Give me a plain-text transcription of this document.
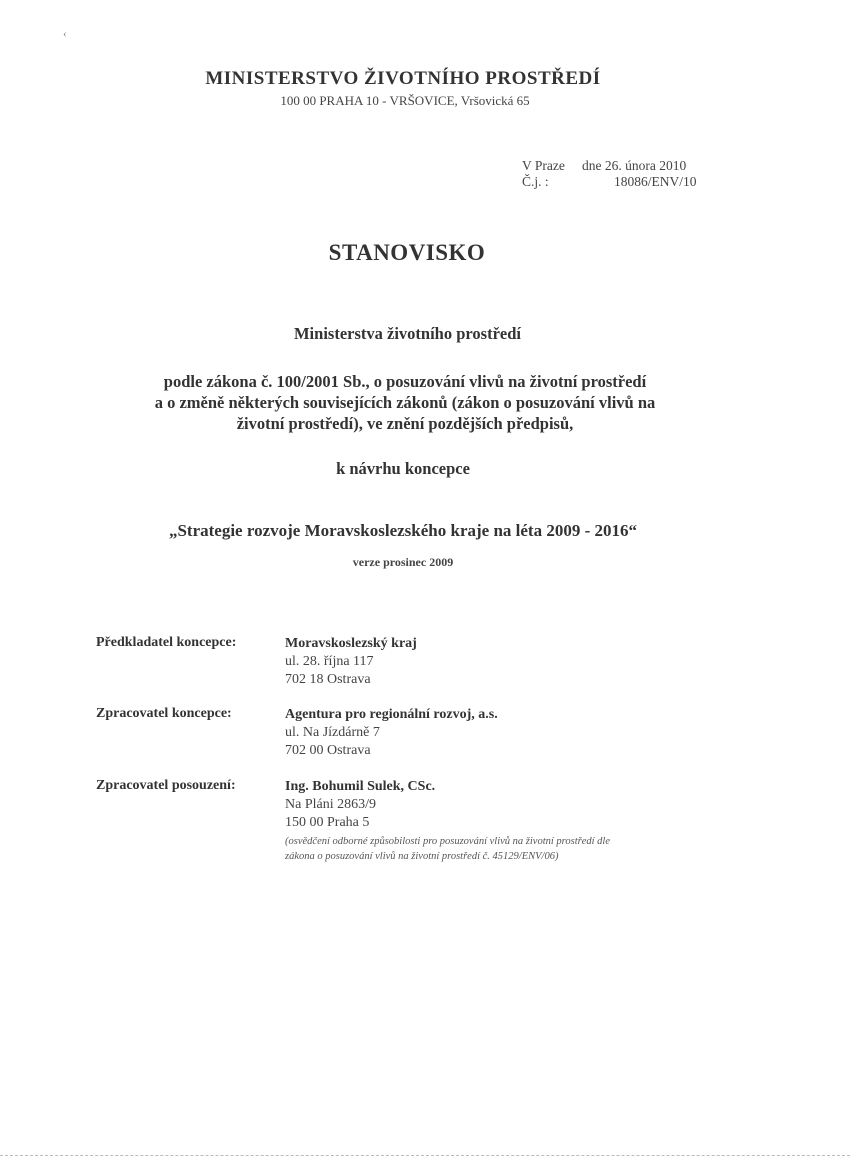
‹
MINISTERSTVO ŽIVOTNÍHO PROSTŘEDÍ
100 00 PRAHA 10 - VRŠOVICE, Vršovická 65
V Praze	dne 26. února 2010
Č.j. :	18086/ENV/10
STANOVISKO
Ministerstva životního prostředí
podle zákona č. 100/2001 Sb., o posuzování vlivů na životní prostředí
a o změně některých souvisejících zákonů (zákon o posuzování vlivů na
životní prostředí), ve znění pozdějších předpisů,
k návrhu koncepce
„Strategie rozvoje Moravskoslezského kraje na léta 2009 - 2016“
verze prosinec 2009
Předkladatel koncepce:	Moravskoslezský kraj
ul. 28. října 117
702 18 Ostrava
Zpracovatel koncepce:	Agentura pro regionální rozvoj, a.s.
ul. Na Jízdárně 7
702 00 Ostrava
Zpracovatel posouzení:	Ing. Bohumil Sulek, CSc.
Na Pláni 2863/9
150 00 Praha 5
(osvědčení odborné způsobilosti pro posuzování vlivů na životní prostředí dle
zákona o posuzování vlivů na životní prostředí č. 45129/ENV/06)
